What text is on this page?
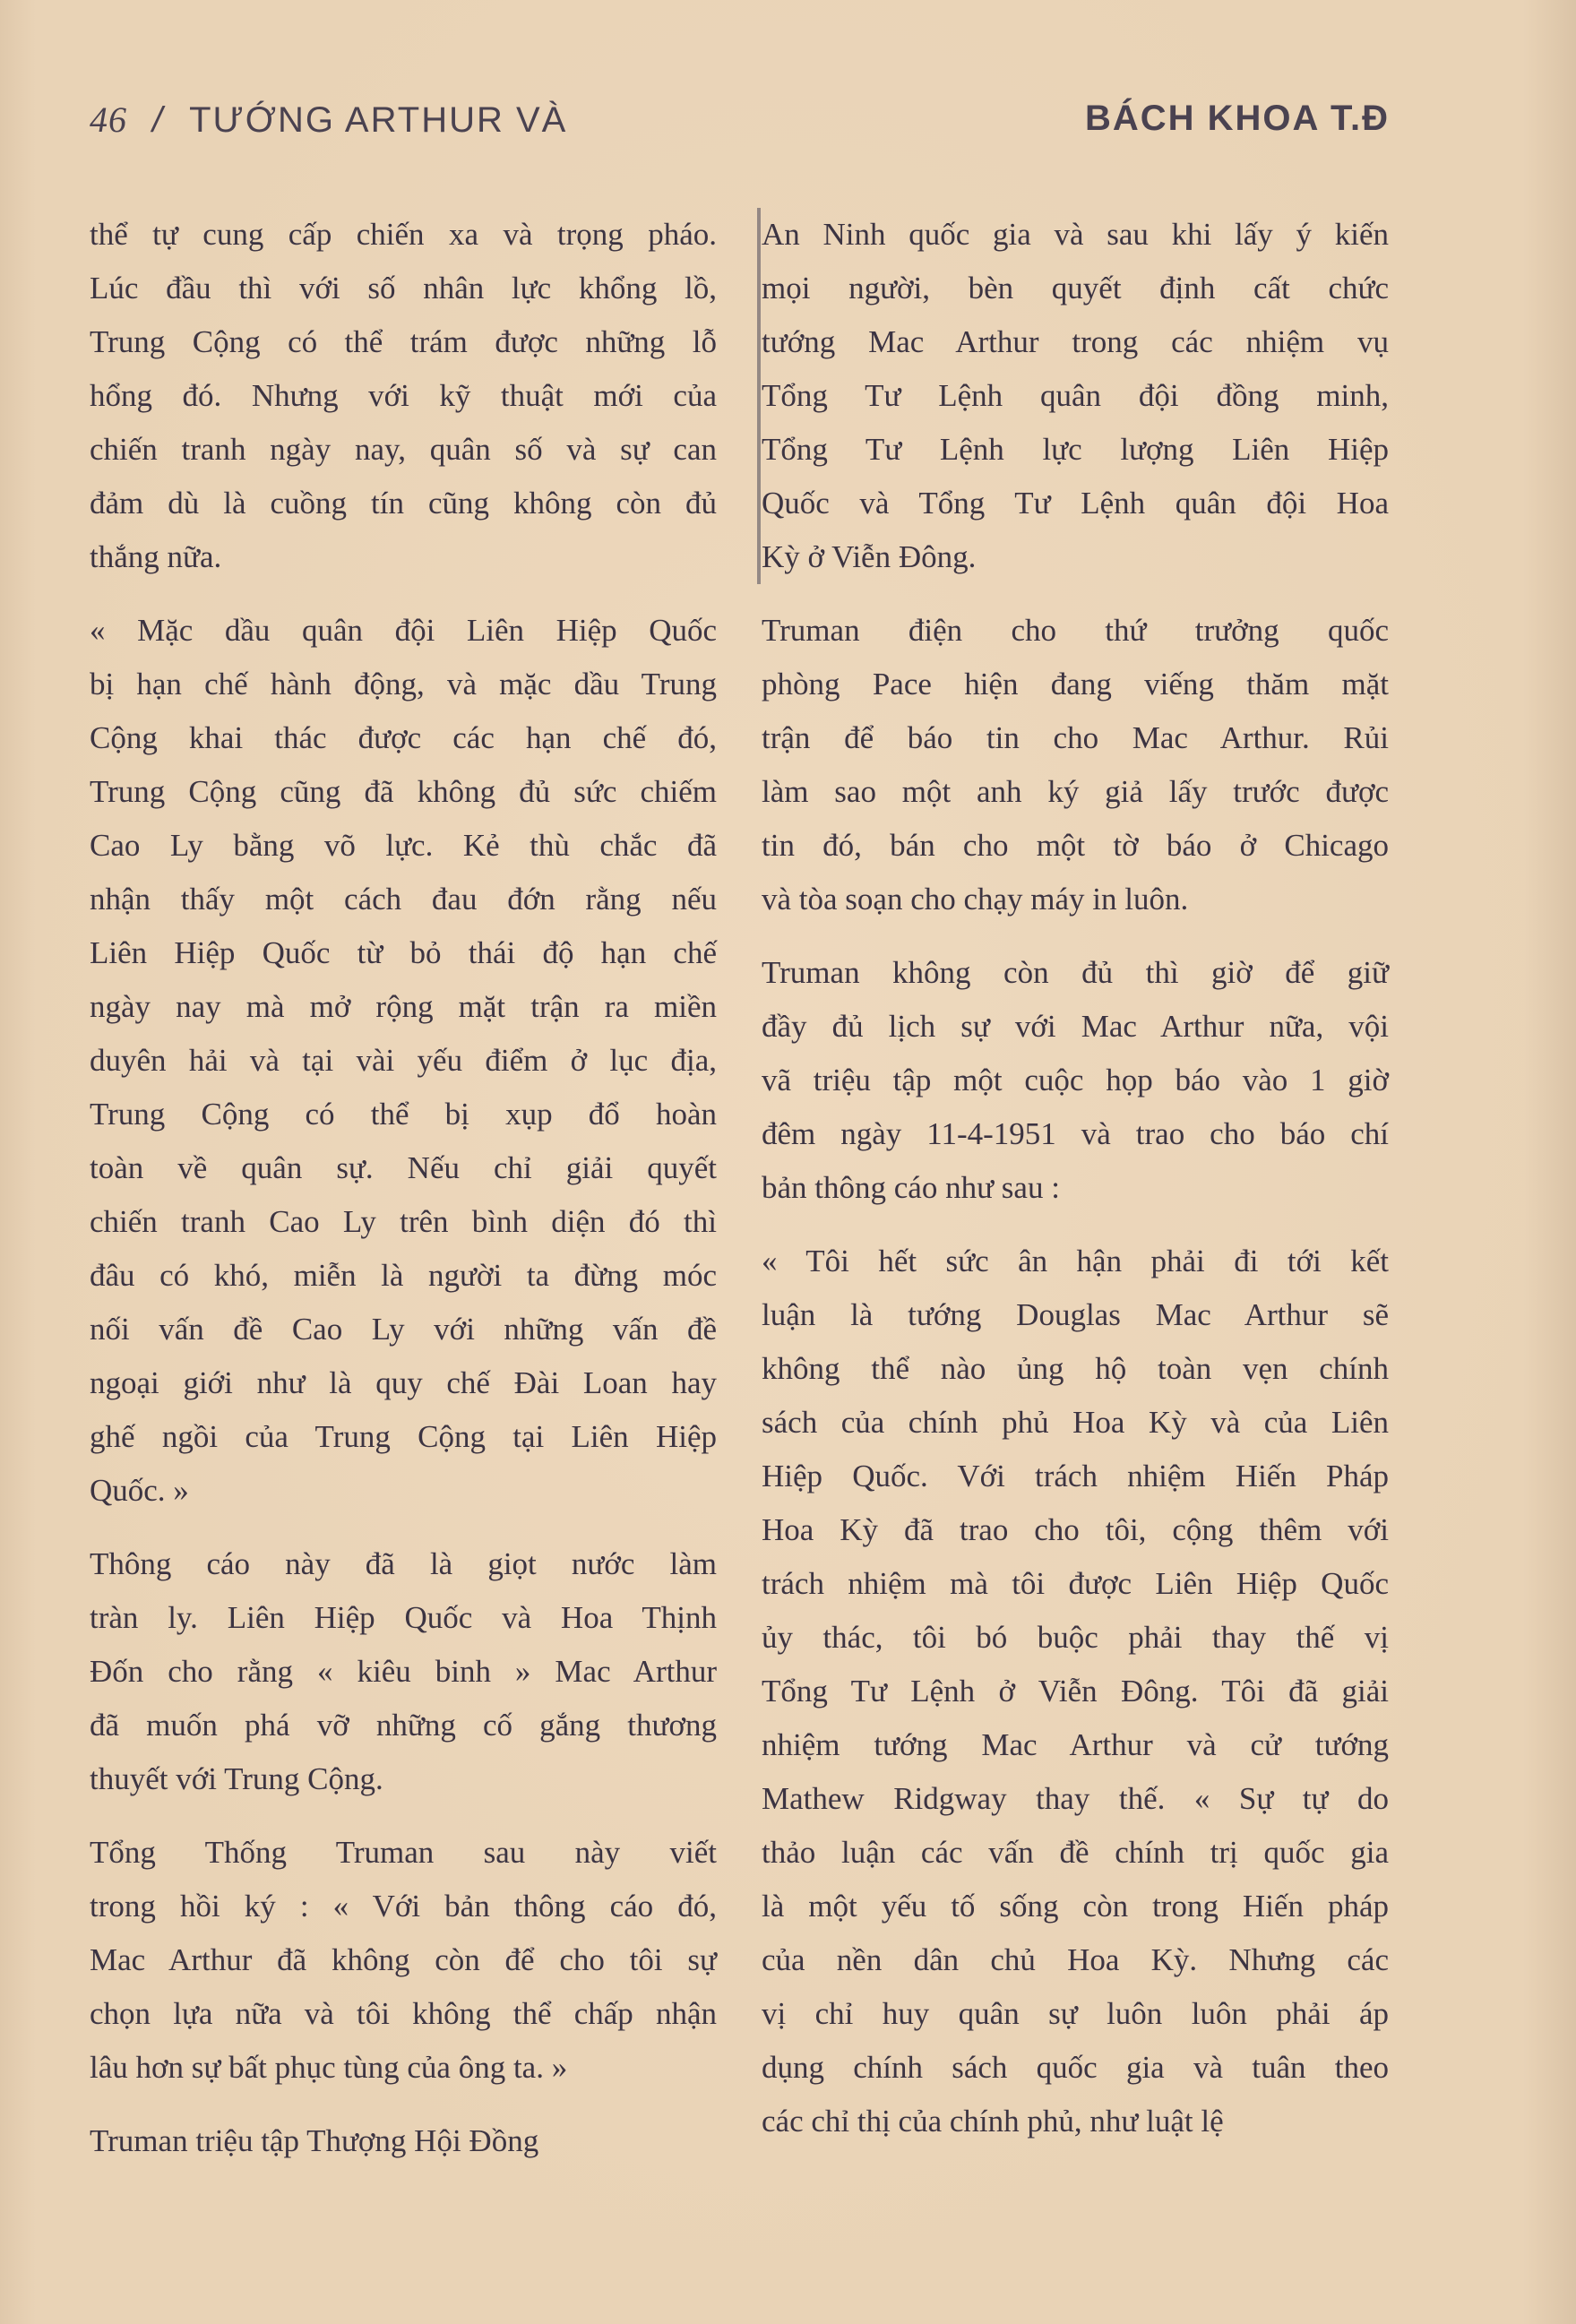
46 / TƯỚNG ARTHUR VÀ	BÁCH KHOA T.Đ
thể tự cung cấp chiến xa và trọng pháo.
Lúc đầu thì với số nhân lực khổng lồ,
Trung Cộng có thể trám được những lỗ
hổng đó. Nhưng với kỹ thuật mới của
chiến tranh ngày nay, quân số và sự can
đảm dù là cuồng tín cũng không còn đủ
thắng nữa.
« Mặc dầu quân đội Liên Hiệp Quốc
bị hạn chế hành động, và mặc dầu Trung
Cộng khai thác được các hạn chế đó,
Trung Cộng cũng đã không đủ sức chiếm
Cao Ly bằng võ lực. Kẻ thù chắc đã
nhận thấy một cách đau đớn rằng nếu
Liên Hiệp Quốc từ bỏ thái độ hạn chế
ngày nay mà mở rộng mặt trận ra miền
duyên hải và tại vài yếu điểm ở lục địa,
Trung Cộng có thể bị xụp đổ hoàn
toàn về quân sự. Nếu chỉ giải quyết
chiến tranh Cao Ly trên bình diện đó thì
đâu có khó, miễn là người ta đừng móc
nối vấn đề Cao Ly với những vấn đề
ngoại giới như là quy chế Đài Loan hay
ghế ngồi của Trung Cộng tại Liên Hiệp
Quốc. »
Thông cáo này đã là giọt nước làm
tràn ly. Liên Hiệp Quốc và Hoa Thịnh
Đốn cho rằng « kiêu binh » Mac Arthur
đã muốn phá vỡ những cố gắng thương
thuyết với Trung Cộng.
Tổng Thống Truman sau này viết
trong hồi ký : « Với bản thông cáo đó,
Mac Arthur đã không còn để cho tôi sự
chọn lựa nữa và tôi không thể chấp nhận
lâu hơn sự bất phục tùng của ông ta. »
Truman triệu tập Thượng Hội Đồng
An Ninh quốc gia và sau khi lấy ý kiến
mọi người, bèn quyết định cất chức
tướng Mac Arthur trong các nhiệm vụ
Tổng Tư Lệnh quân đội đồng minh,
Tổng Tư Lệnh lực lượng Liên Hiệp
Quốc và Tổng Tư Lệnh quân đội Hoa
Kỳ ở Viễn Đông.
Truman điện cho thứ trưởng quốc
phòng Pace hiện đang viếng thăm mặt
trận để báo tin cho Mac Arthur. Rủi
làm sao một anh ký giả lấy trước được
tin đó, bán cho một tờ báo ở Chicago
và tòa soạn cho chạy máy in luôn.
Truman không còn đủ thì giờ để giữ
đầy đủ lịch sự với Mac Arthur nữa, vội
vã triệu tập một cuộc họp báo vào 1 giờ
đêm ngày 11-4-1951 và trao cho báo chí
bản thông cáo như sau :
« Tôi hết sức ân hận phải đi tới kết
luận là tướng Douglas Mac Arthur sẽ
không thể nào ủng hộ toàn vẹn chính
sách của chính phủ Hoa Kỳ và của Liên
Hiệp Quốc. Với trách nhiệm Hiến Pháp
Hoa Kỳ đã trao cho tôi, cộng thêm với
trách nhiệm mà tôi được Liên Hiệp Quốc
ủy thác, tôi bó buộc phải thay thế vị
Tổng Tư Lệnh ở Viễn Đông. Tôi đã giải
nhiệm tướng Mac Arthur và cử tướng
Mathew Ridgway thay thế. « Sự tự do
thảo luận các vấn đề chính trị quốc gia
là một yếu tố sống còn trong Hiến pháp
của nền dân chủ Hoa Kỳ. Nhưng các
vị chỉ huy quân sự luôn luôn phải áp
dụng chính sách quốc gia và tuân theo
các chỉ thị của chính phủ, như luật lệ
